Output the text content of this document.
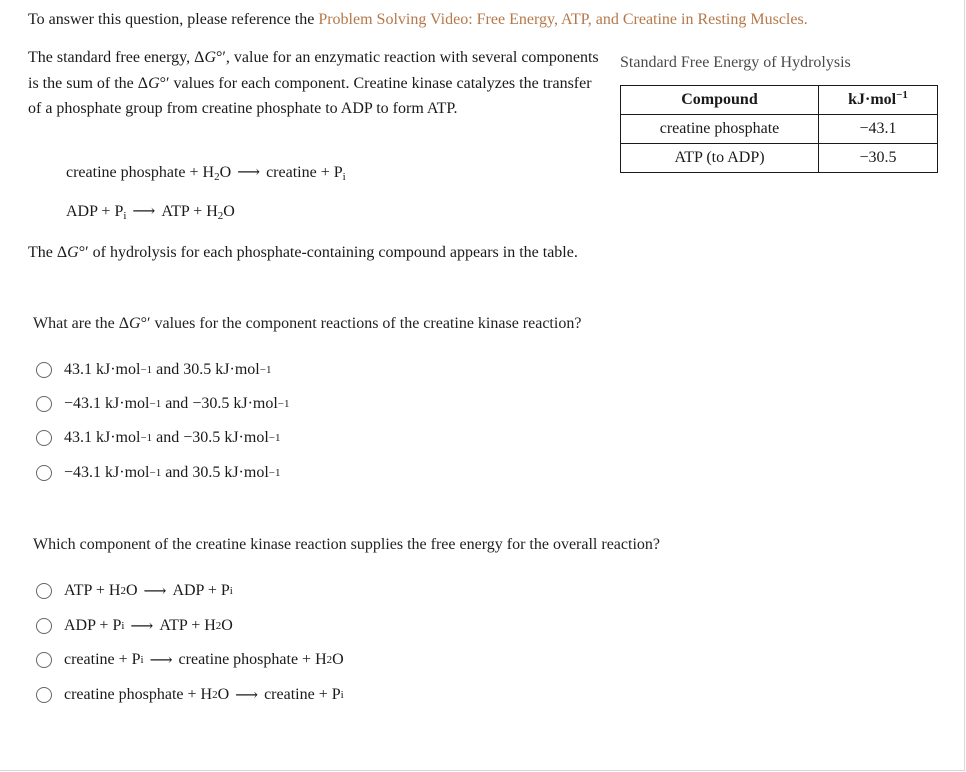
To answer this question, please reference the Problem Solving Video: Free Energy, ATP, and Creatine in Resting Muscles.
The standard free energy, ΔG°′, value for an enzymatic reaction with several components is the sum of the ΔG°′ values for each component. Creatine kinase catalyzes the transfer of a phosphate group from creatine phosphate to ADP to form ATP.
creatine phosphate + $H_2O$ ⟶ creatine + $P_i$
ADP + $P_i$ ⟶ ATP + $H_2O$
The ΔG°′ of hydrolysis for each phosphate-containing compound appears in the table.
Standard Free Energy of Hydrolysis
Compound	kJ·mol$^{-1}$
creatine phosphate	−43.1
ATP (to ADP)	−30.5
What are the ΔG°′ values for the component reactions of the creatine kinase reaction?
43.1
kJ·mol −1 and 30.5
kJ·mol −1
−43.1
kJ·mol −1 and −30.5
kJ·mol −1
43.1
kJ·mol −1 and −30.5
kJ·mol −1
−43.1
kJ·mol −1 and 30.5
kJ·mol −1
Which component of the creatine kinase reaction supplies the free energy for the overall reaction?
ATP + H 2 O ⟶ ADP + P i
ADP + P i ⟶ ATP + H 2 O
creatine + P i ⟶ creatine phosphate + H 2 O
creatine phosphate + H 2 O ⟶ creatine + P i
